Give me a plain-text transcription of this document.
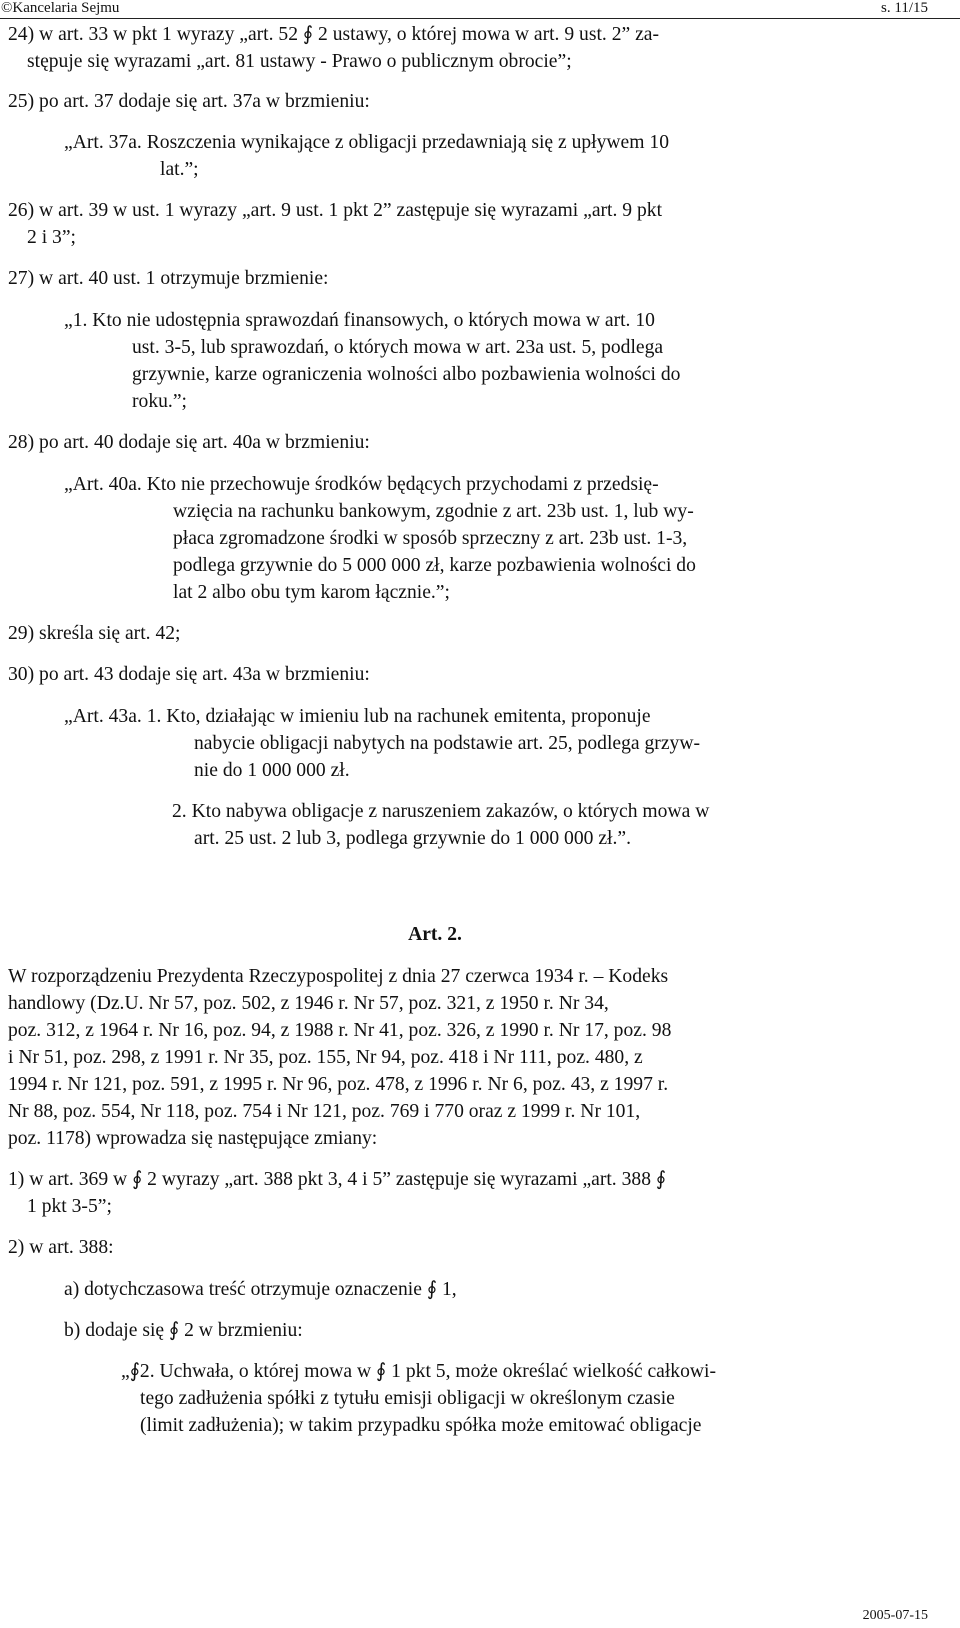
©Kancelaria Sejmu	s. 11/15
24) w art. 33 w pkt 1 wyrazy „art. 52 ∮ 2 ustawy, o której mowa w art. 9 ust. 2” za-
stępuje się wyrazami „art. 81 ustawy - Prawo o publicznym obrocie”;
25) po art. 37 dodaje się art. 37a w brzmieniu:
„Art. 37a. Roszczenia wynikające z obligacji przedawniają się z upływem 10
lat.”;
26) w art. 39 w ust. 1 wyrazy „art. 9 ust. 1 pkt 2” zastępuje się wyrazami „art. 9 pkt
2 i 3”;
27) w art. 40 ust. 1 otrzymuje brzmienie:
„1. Kto nie udostępnia sprawozdań finansowych, o których mowa w art. 10
ust. 3-5, lub sprawozdań, o których mowa w art. 23a ust. 5, podlega
grzywnie, karze ograniczenia wolności albo pozbawienia wolności do
roku.”;
28) po art. 40 dodaje się art. 40a w brzmieniu:
„Art. 40a. Kto nie przechowuje środków będących przychodami z przedsię-
wzięcia na rachunku bankowym, zgodnie z art. 23b ust. 1, lub wy-
płaca zgromadzone środki w sposób sprzeczny z art. 23b ust. 1-3,
podlega grzywnie do 5 000 000 zł, karze pozbawienia wolności do
lat 2 albo obu tym karom łącznie.”;
29) skreśla się art. 42;
30) po art. 43 dodaje się art. 43a w brzmieniu:
„Art. 43a. 1. Kto, działając w imieniu lub na rachunek emitenta, proponuje
nabycie obligacji nabytych na podstawie art. 25, podlega grzyw-
nie do 1 000 000 zł.
2. Kto nabywa obligacje z naruszeniem zakazów, o których mowa w
art. 25 ust. 2 lub 3, podlega grzywnie do 1 000 000 zł.”.
Art. 2.
W rozporządzeniu Prezydenta Rzeczypospolitej z dnia 27 czerwca 1934 r. – Kodeks
handlowy (Dz.U. Nr 57, poz. 502, z 1946 r. Nr 57, poz. 321, z 1950 r. Nr 34,
poz. 312, z 1964 r. Nr 16, poz. 94, z 1988 r. Nr 41, poz. 326, z 1990 r. Nr 17, poz. 98
i Nr 51, poz. 298, z 1991 r. Nr 35, poz. 155, Nr 94, poz. 418 i Nr 111, poz. 480, z
1994 r. Nr 121, poz. 591, z 1995 r. Nr 96, poz. 478, z 1996 r. Nr 6, poz. 43, z 1997 r.
Nr 88, poz. 554, Nr 118, poz. 754 i Nr 121, poz. 769 i 770 oraz z 1999 r. Nr 101,
poz. 1178) wprowadza się następujące zmiany:
1) w art. 369 w ∮ 2 wyrazy „art. 388 pkt 3, 4 i 5” zastępuje się wyrazami „art. 388 ∮
1 pkt 3-5”;
2) w art. 388:
a) dotychczasowa treść otrzymuje oznaczenie ∮ 1,
b) dodaje się ∮ 2 w brzmieniu:
„∮2. Uchwała, o której mowa w ∮ 1 pkt 5, może określać wielkość całkowi-
tego zadłużenia spółki z tytułu emisji obligacji w określonym czasie
(limit zadłużenia); w takim przypadku spółka może emitować obligacje
2005-07-15
